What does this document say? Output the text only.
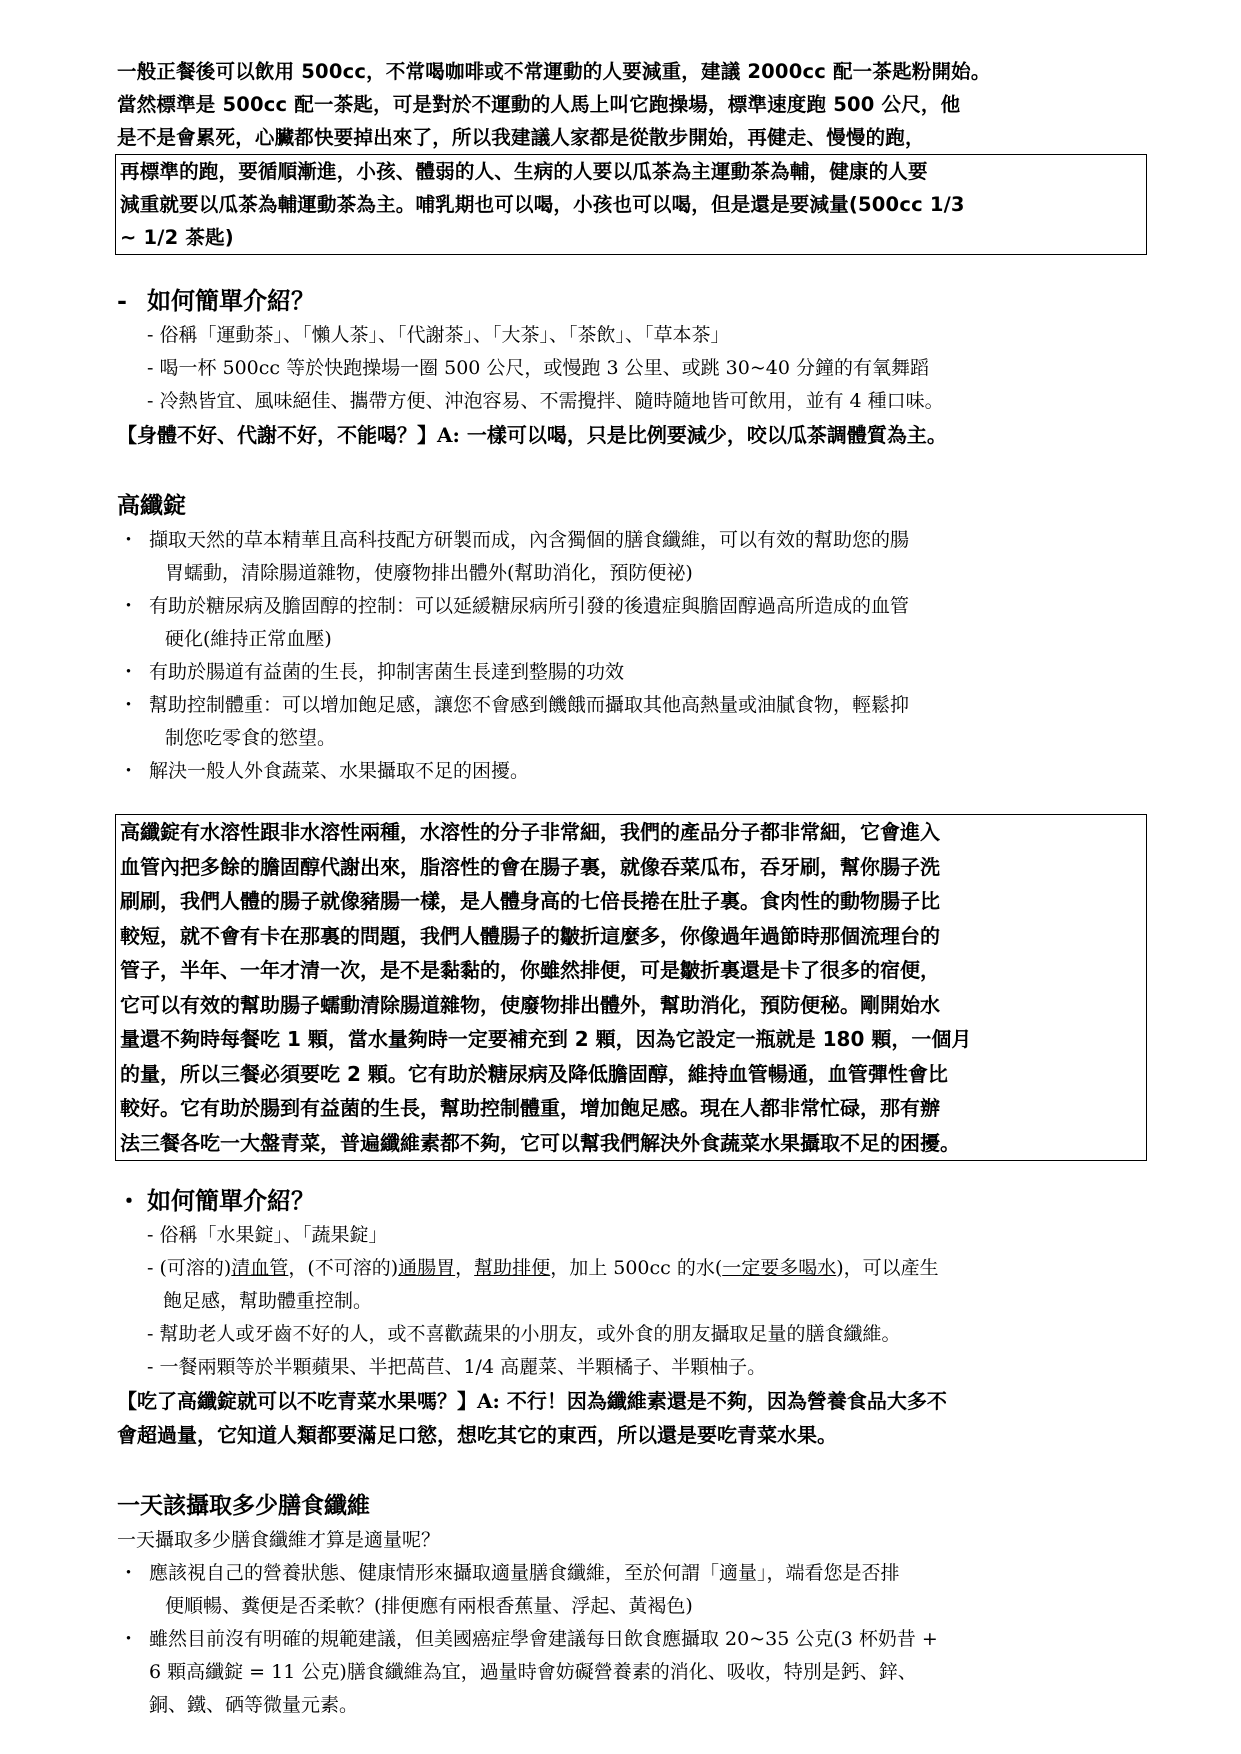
一般正餐後可以飲用 500cc，不常喝咖啡或不常運動的人要減重，建議 2000cc 配一茶匙粉開始。
當然標準是 500cc 配一茶匙，可是對於不運動的人馬上叫它跑操場，標準速度跑 500 公尺，他
是不是會累死，心臟都快要掉出來了，所以我建議人家都是從散步開始，再健走、慢慢的跑，
再標準的跑，要循順漸進，小孩、體弱的人、生病的人要以瓜茶為主運動茶為輔，健康的人要
減重就要以瓜茶為輔運動茶為主。哺乳期也可以喝，小孩也可以喝，但是還是要減量(500cc 1/3
~ 1/2 茶匙)
- 如何簡單介紹？
- 俗稱「運動茶」、「懶人茶」、「代謝茶」、「大茶」、「茶飲」、「草本茶」
- 喝一杯 500cc 等於快跑操場一圈 500 公尺，或慢跑 3 公里、或跳 30~40 分鐘的有氧舞蹈
- 冷熱皆宜、風味絕佳、攜帶方便、沖泡容易、不需攪拌、隨時隨地皆可飲用，並有 4 種口味。
【身體不好、代謝不好，不能喝？】A: 一樣可以喝，只是比例要減少，咬以瓜茶調體質為主。
高纖錠
・ 擷取天然的草本精華且高科技配方研製而成，內含獨個的膳食纖維，可以有效的幫助您的腸
胃蠕動，清除腸道雜物，使廢物排出體外(幫助消化，預防便祕)
・ 有助於糖尿病及膽固醇的控制：可以延緩糖尿病所引發的後遺症與膽固醇過高所造成的血管
硬化(維持正常血壓)
・ 有助於腸道有益菌的生長，抑制害菌生長達到整腸的功效
・ 幫助控制體重：可以增加飽足感，讓您不會感到饑餓而攝取其他高熱量或油膩食物，輕鬆抑
制您吃零食的慾望。
・ 解決一般人外食蔬菜、水果攝取不足的困擾。
高纖錠有水溶性跟非水溶性兩種，水溶性的分子非常細，我們的產品分子都非常細，它會進入
血管內把多餘的膽固醇代謝出來，脂溶性的會在腸子裏，就像吞菜瓜布，吞牙刷，幫你腸子洗
刷刷，我們人體的腸子就像豬腸一樣，是人體身高的七倍長捲在肚子裏。食肉性的動物腸子比
較短，就不會有卡在那裏的問題，我們人體腸子的皺折這麼多，你像過年過節時那個流理台的
管子，半年、一年才清一次，是不是黏黏的，你雖然排便，可是皺折裏還是卡了很多的宿便，
它可以有效的幫助腸子蠕動清除腸道雜物，使廢物排出體外，幫助消化，預防便秘。剛開始水
量還不夠時每餐吃 1 顆，當水量夠時一定要補充到 2 顆，因為它設定一瓶就是 180 顆，一個月
的量，所以三餐必須要吃 2 顆。它有助於糖尿病及降低膽固醇，維持血管暢通，血管彈性會比
較好。它有助於腸到有益菌的生長，幫助控制體重，增加飽足感。現在人都非常忙碌，那有辦
法三餐各吃一大盤青菜，普遍纖維素都不夠，它可以幫我們解決外食蔬菜水果攝取不足的困擾。
・ 如何簡單介紹？
- 俗稱「水果錠」、「蔬果錠」
- (可溶的)清血管，(不可溶的)通腸胃，幫助排便，加上 500cc 的水(一定要多喝水)，可以產生
飽足感，幫助體重控制。
- 幫助老人或牙齒不好的人，或不喜歡蔬果的小朋友，或外食的朋友攝取足量的膳食纖維。
- 一餐兩顆等於半顆蘋果、半把萵苣、1/4 高麗菜、半顆橘子、半顆柚子。
【吃了高纖錠就可以不吃青菜水果嗎？】A: 不行！因為纖維素還是不夠，因為營養食品大多不
會超過量，它知道人類都要滿足口慾，想吃其它的東西，所以還是要吃青菜水果。
一天該攝取多少膳食纖維
一天攝取多少膳食纖維才算是適量呢？
・ 應該視自己的營養狀態、健康情形來攝取適量膳食纖維，至於何謂「適量」，端看您是否排
便順暢、糞便是否柔軟？(排便應有兩根香蕉量、浮起、黃褐色)
・ 雖然目前沒有明確的規範建議，但美國癌症學會建議每日飲食應攝取 20~35 公克(3 杯奶昔 +
6 顆高纖錠 = 11 公克)膳食纖維為宜，過量時會妨礙營養素的消化、吸收，特別是鈣、鋅、
銅、鐵、硒等微量元素。
